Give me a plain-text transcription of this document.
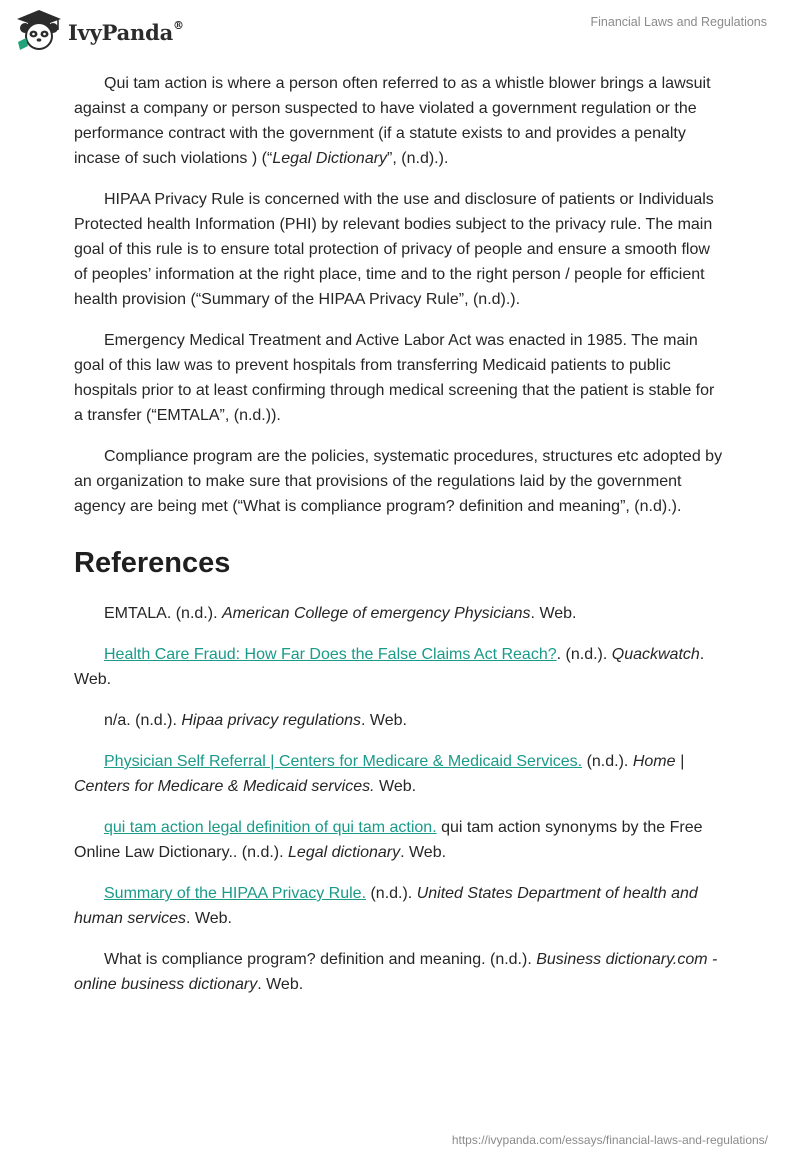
IvyPanda®	Financial Laws and Regulations

Qui tam action is where a person often referred to as a whistle blower brings a lawsuit against a company or person suspected to have violated a government regulation or the performance contract with the government (if a statute exists to and provides a penalty incase of such violations ) (“Legal Dictionary”, (n.d).).

HIPAA Privacy Rule is concerned with the use and disclosure of patients or Individuals Protected health Information (PHI) by relevant bodies subject to the privacy rule. The main goal of this rule is to ensure total protection of privacy of people and ensure a smooth flow of peoples’ information at the right place, time and to the right person / people for efficient health provision (“Summary of the HIPAA Privacy Rule”, (n.d).).

Emergency Medical Treatment and Active Labor Act was enacted in 1985. The main goal of this law was to prevent hospitals from transferring Medicaid patients to public hospitals prior to at least confirming through medical screening that the patient is stable for a transfer (“EMTALA”, (n.d.)).

Compliance program are the policies, systematic procedures, structures etc adopted by an organization to make sure that provisions of the regulations laid by the government agency are being met (“What is compliance program? definition and meaning”, (n.d).).

References

EMTALA. (n.d.). American College of emergency Physicians. Web.

Health Care Fraud: How Far Does the False Claims Act Reach?. (n.d.). Quackwatch. Web.

n/a. (n.d.). Hipaa privacy regulations. Web.

Physician Self Referral | Centers for Medicare & Medicaid Services. (n.d.). Home | Centers for Medicare & Medicaid services. Web.

qui tam action legal definition of qui tam action. qui tam action synonyms by the Free Online Law Dictionary.. (n.d.). Legal dictionary. Web.

Summary of the HIPAA Privacy Rule. (n.d.). United States Department of health and human services. Web.

What is compliance program? definition and meaning. (n.d.). Business dictionary.com - online business dictionary. Web.

https://ivypanda.com/essays/financial-laws-and-regulations/
